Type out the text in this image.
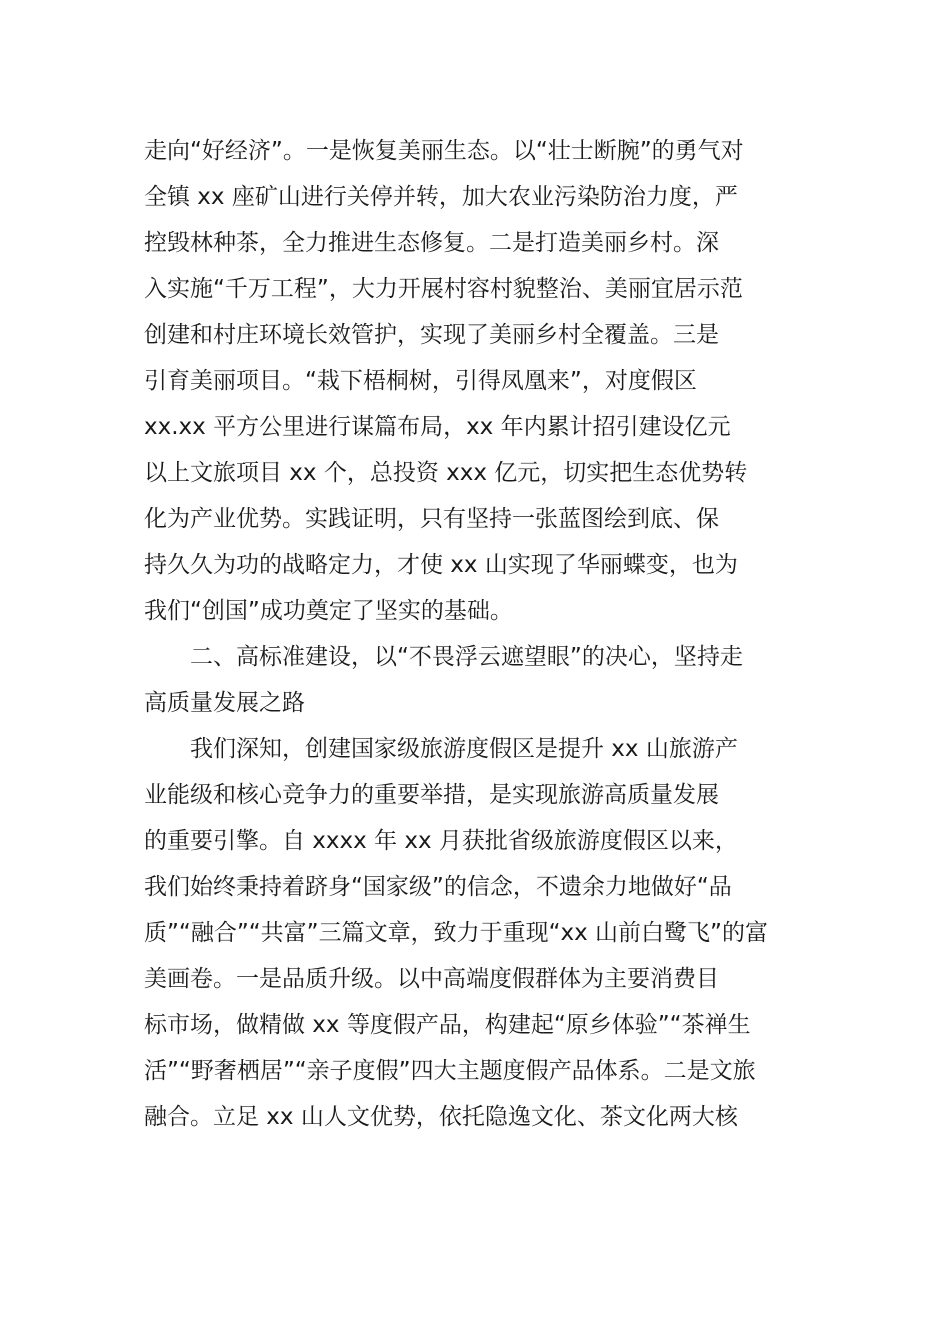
走向“好经济”。一是恢复美丽生态。以“壮士断腕”的勇气对
全镇 xx 座矿山进行关停并转，加大农业污染防治力度，严
控毁林种茶，全力推进生态修复。二是打造美丽乡村。深
入实施“千万工程”，大力开展村容村貌整治、美丽宜居示范
创建和村庄环境长效管护，实现了美丽乡村全覆盖。三是
引育美丽项目。“栽下梧桐树，引得凤凰来”，对度假区
xx.xx 平方公里进行谋篇布局，xx 年内累计招引建设亿元
以上文旅项目 xx 个，总投资 xxx 亿元，切实把生态优势转
化为产业优势。实践证明，只有坚持一张蓝图绘到底、保
持久久为功的战略定力，才使 xx 山实现了华丽蝶变，也为
我们“创国”成功奠定了坚实的基础。
二、高标准建设，以“不畏浮云遮望眼”的决心，坚持走
高质量发展之路
我们深知，创建国家级旅游度假区是提升 xx 山旅游产
业能级和核心竞争力的重要举措，是实现旅游高质量发展
的重要引擎。自 xxxx 年 xx 月获批省级旅游度假区以来，
我们始终秉持着跻身“国家级”的信念，不遗余力地做好“品
质”“融合”“共富”三篇文章，致力于重现“xx 山前白鹭飞”的富
美画卷。一是品质升级。以中高端度假群体为主要消费目
标市场，做精做 xx 等度假产品，构建起“原乡体验”“茶禅生
活”“野奢栖居”“亲子度假”四大主题度假产品体系。二是文旅
融合。立足 xx 山人文优势，依托隐逸文化、茶文化两大核
